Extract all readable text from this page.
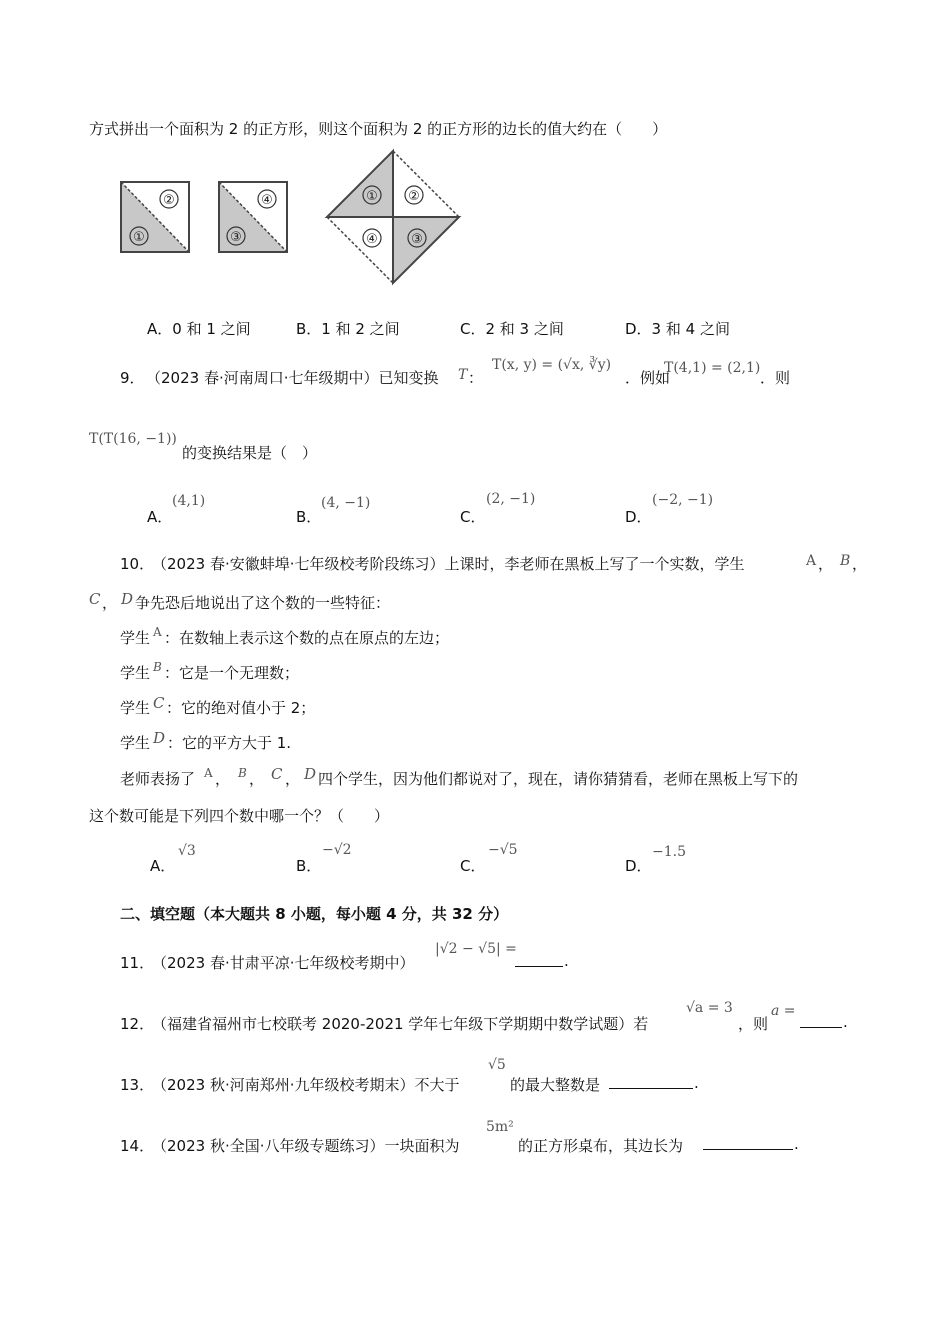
方式拼出一个面积为 2 的正方形，则这个面积为 2 的正方形的边长的值大约在（　　）
②
①
④
③
① ②
④	③
A．0 和 1 之间	B．1 和 2 之间	C．2 和 3 之间	D．3 和 4 之间
9． （2023 春·河南周口·七年级期中）已知变换 T ：
T(x, y) = (√x, ∛y)
．例如
T(4,1) = (2,1)
．则
T(T(16, −1))
的变换结果是（　）
A．
(4,1)
B．
(4, −1)
C．
(2, −1)
D．
(−2, −1)
10．
（2023 春·安徽蚌埠·七年级校考阶段练习）上课时，李老师在黑板上写了一个实数，学生	A ， B ，
C ， D 争先恐后地说出了这个数的一些特征：
学生 A ：在数轴上表示这个数的点在原点的左边；
学生 B ：它是一个无理数；
学生 C ：它的绝对值小于 2；
学生 D ：它的平方大于 1.
老师表扬了 A ， B ， C ， D 四个学生，因为他们都说对了，现在，请你猜猜看，老师在黑板上写下的
这个数可能是下列四个数中哪一个？（　　）
A．
√3
B．
−√2
C．
−√5
D．
−1.5
二、填空题（本大题共 8 小题，每小题 4 分，共 32 分）
11．
（2023 春·甘肃平凉·七年级校考期中）
|√2 − √5| =
.
12．
（福建省福州市七校联考 2020-2021 学年七年级下学期期中数学试题）若
√a = 3
，则
a =
.
13．
（2023 秋·河南郑州·九年级校考期末）不大于
√5
的最大整数是	.
14．
（2023 秋·全国·八年级专题练习）一块面积为
5m²
的正方形桌布，其边长为	.
